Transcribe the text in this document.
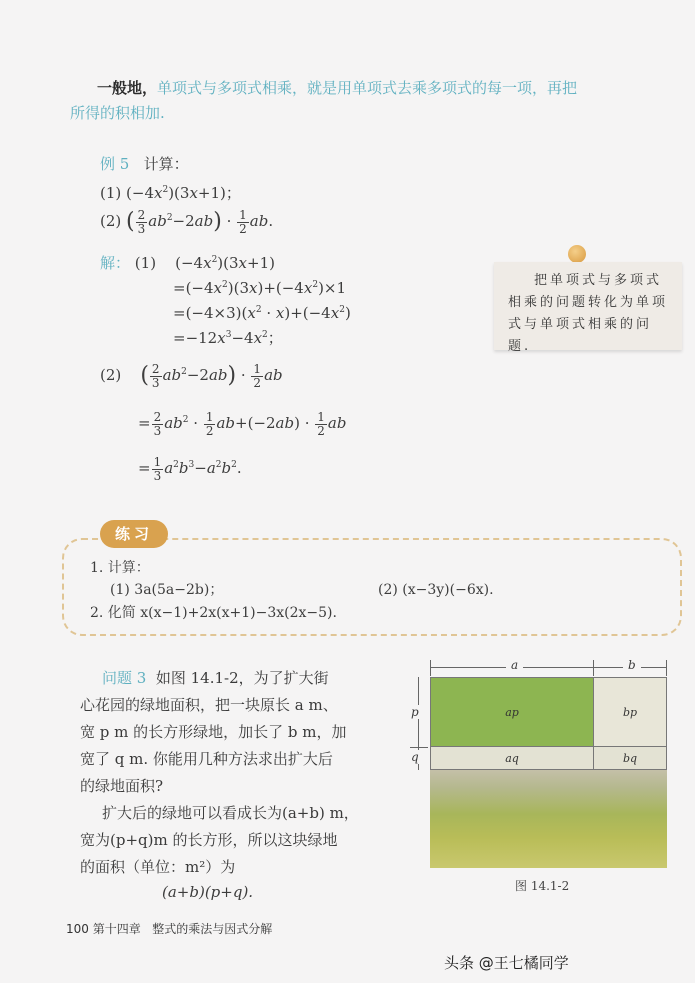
一般地，单项式与多项式相乘，就是用单项式去乘多项式的每一项，再把
所得的积相加.
例 5 计算：
(1) $(-4x^2)(3x+1)$；
(2) ( $\frac{2}{3} ab^2-2ab) \cdot \frac{1}{2}$ ab.
解： (1)    $(-4x^2)(3x+1)$
$=(-4x^2)(3x)+(-4x^2)\times 1$
$=(-4\times 3)(x^2 \cdot x)+(-4x^2)$
$=-12x^3-4x^2$；
把单项式与多项式
相乘的问题转化为单项
式与单项式相乘的问题.
(2) ( $\frac{2}{3} ab^2-2ab) \cdot \frac{1}{2}$ ab
= $\frac{2}{3} ab^2 \cdot \frac{1}{2} ab+(-2ab) \cdot \frac{1}{2}$ ab
= $\frac{1}{3} a^2b^3-a^2b^2$.
练习
1. 计算：
(1) 3a(5a−2b)；	(2) (x−3y)(−6x).
2. 化简 x(x−1)+2x(x+1)−3x(2x−5).
问题 3 如图 14.1-2，为了扩大街
心花园的绿地面积，把一块原长 a m、
宽 p m 的长方形绿地，加长了 b m，加
宽了 q m. 你能用几种方法求出扩大后
的绿地面积?
扩大后的绿地可以看成长为(a+b) m，
宽为(p+q)m 的长方形，所以这块绿地
的面积（单位：m²）为
(a+b)(p+q).
a	b
p
q
ap	bp
aq	bq
图 14.1-2
100 第十四章 整式的乘法与因式分解
头条 @王七橘同学
